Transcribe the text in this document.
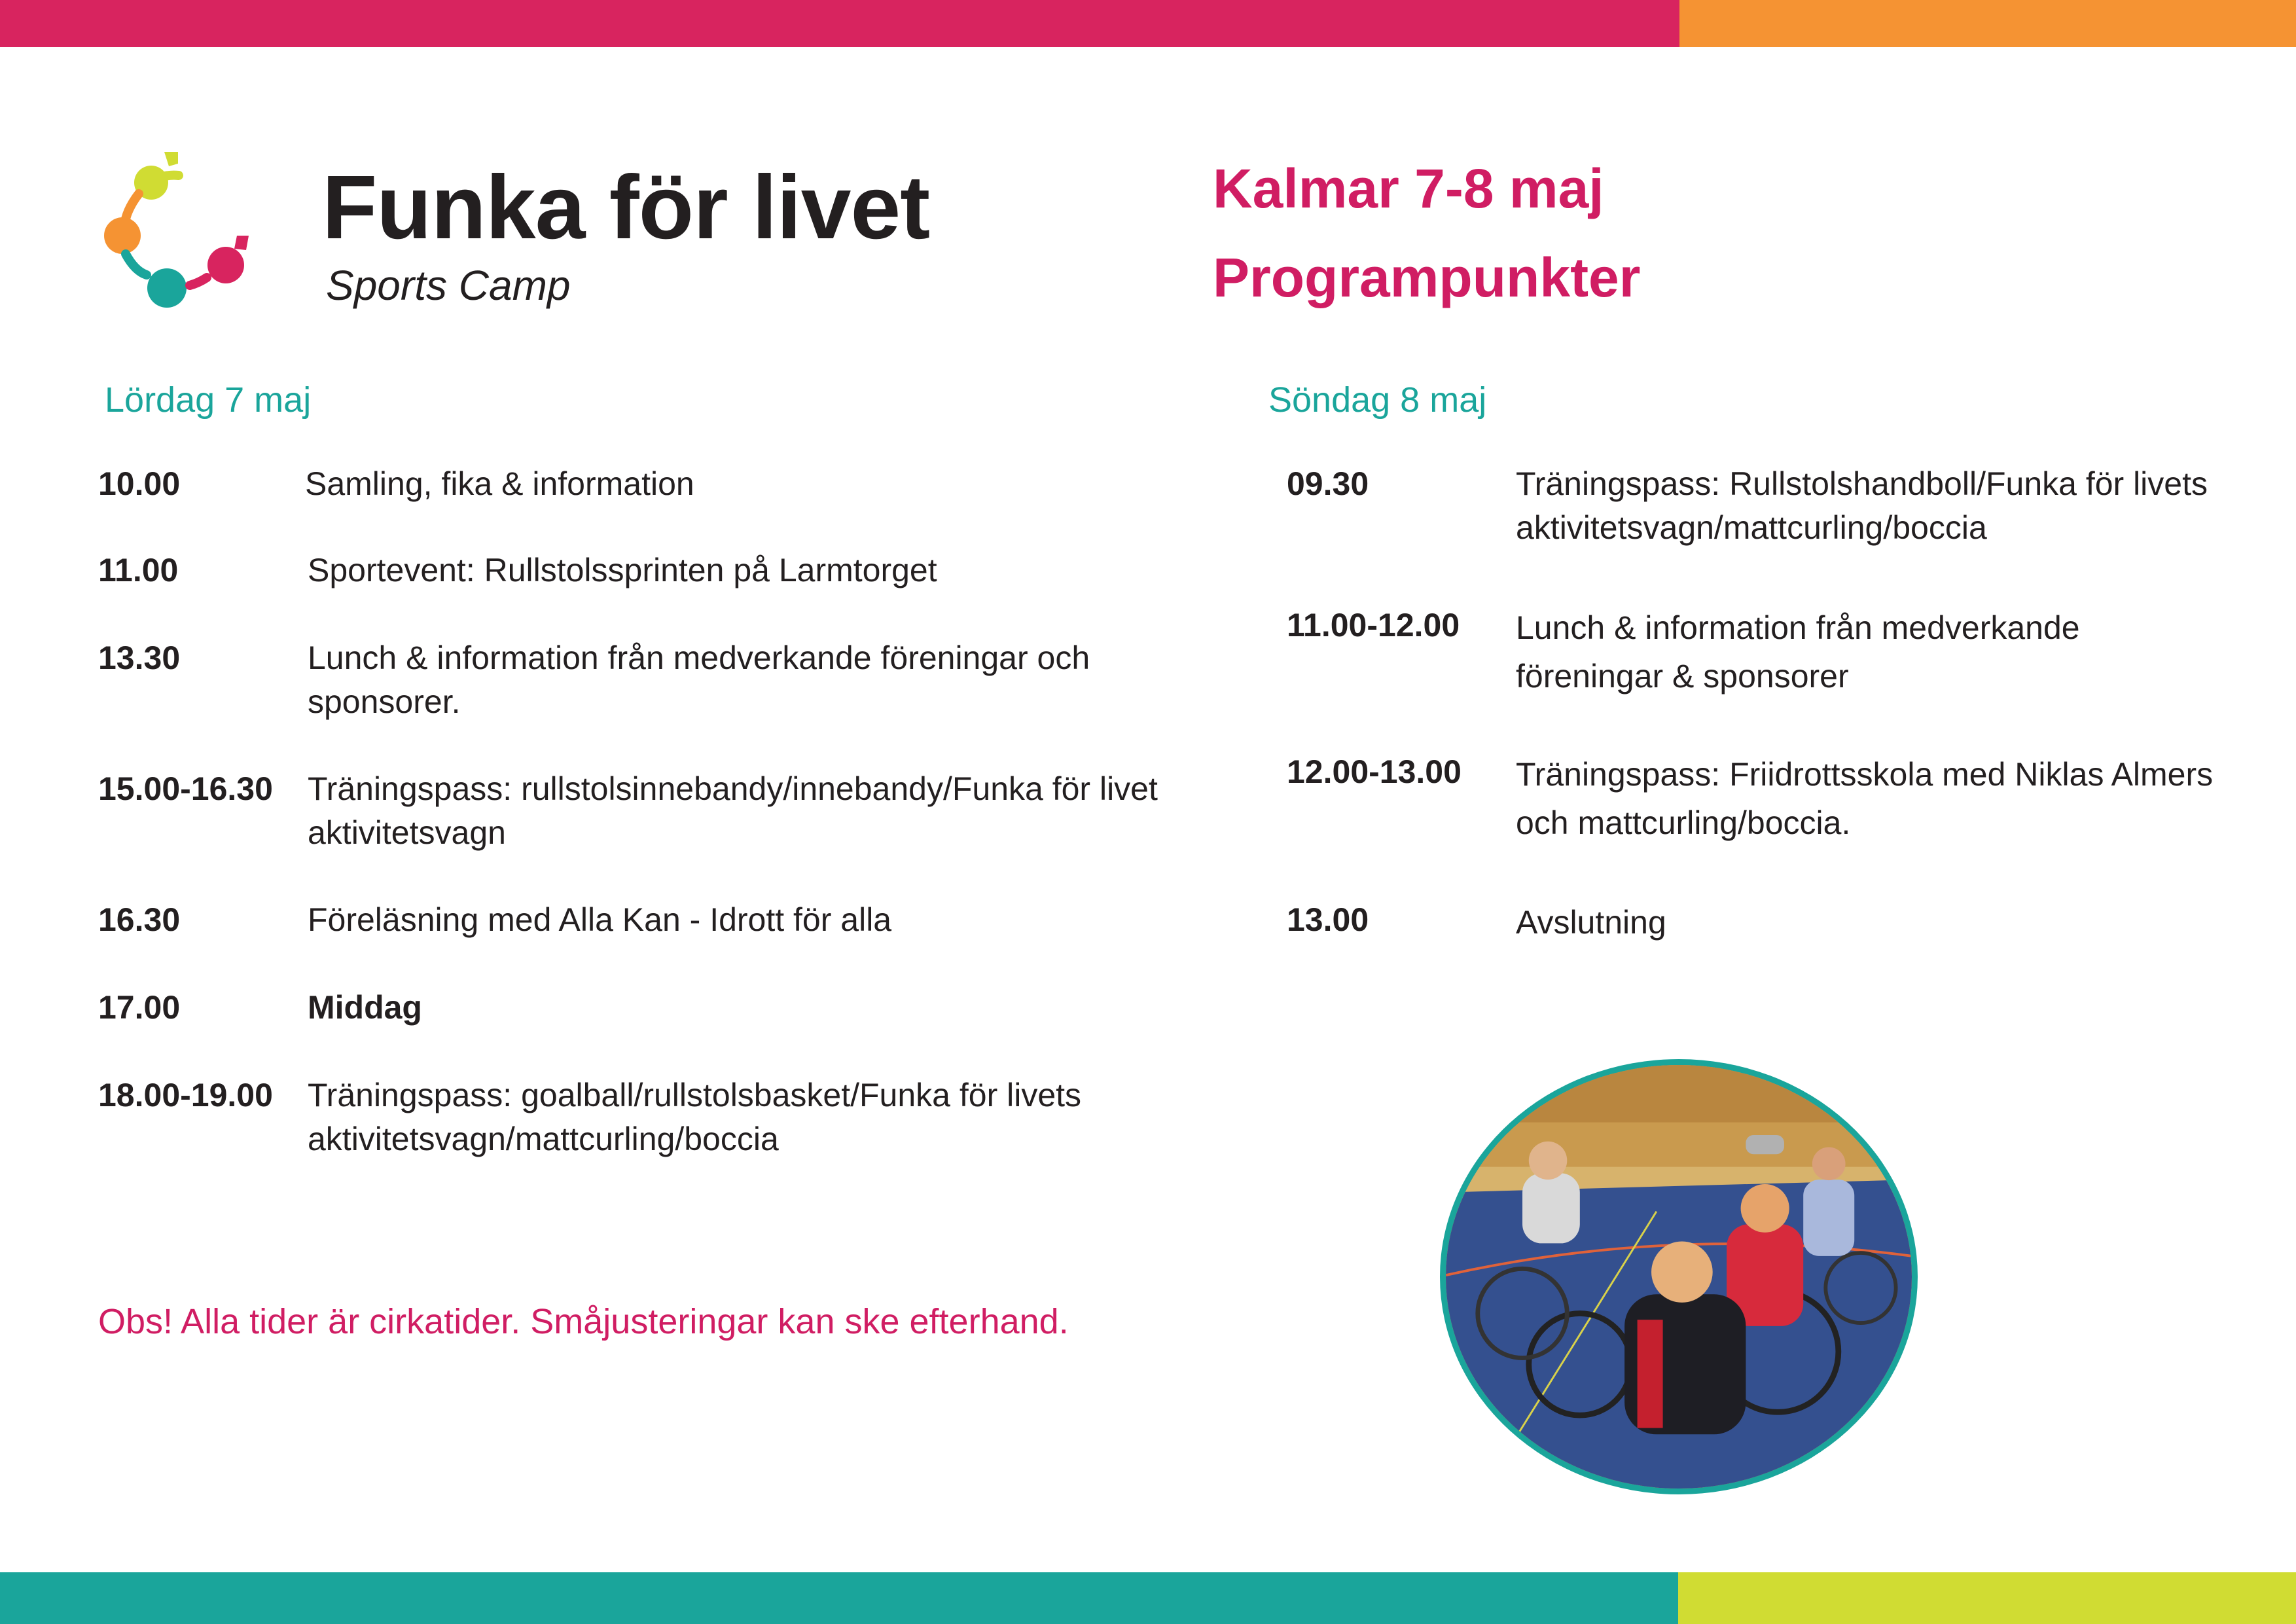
Funka för livet

Sports Camp

Kalmar 7-8 maj
Programpunkter
Lördag 7 maj
10.00	Samling, fika & information
11.00	Sportevent: Rullstolssprinten på Larmtorget
13.30	Lunch & information från medverkande föreningar och sponsorer.
15.00-16.30 Träningspass: rullstolsinnebandy/innebandy/Funka för livet aktivitetsvagn
16.30	Föreläsning med Alla Kan - Idrott för alla
17.00	Middag
18.00-19.00 Träningspass: goalball/rullstolsbasket/Funka för livets aktivitetsvagn/mattcurling/boccia
Söndag 8 maj
09.30	Träningspass: Rullstolshandboll/Funka för livets aktivitetsvagn/mattcurling/boccia
11.00-12.00 Lunch & information från medverkande föreningar & sponsorer
12.00-13.00 Träningspass: Friidrottsskola med Niklas Almers och mattcurling/boccia.
13.00	Avslutning

Obs! Alla tider är cirkatider. Småjusteringar kan ske efterhand.
